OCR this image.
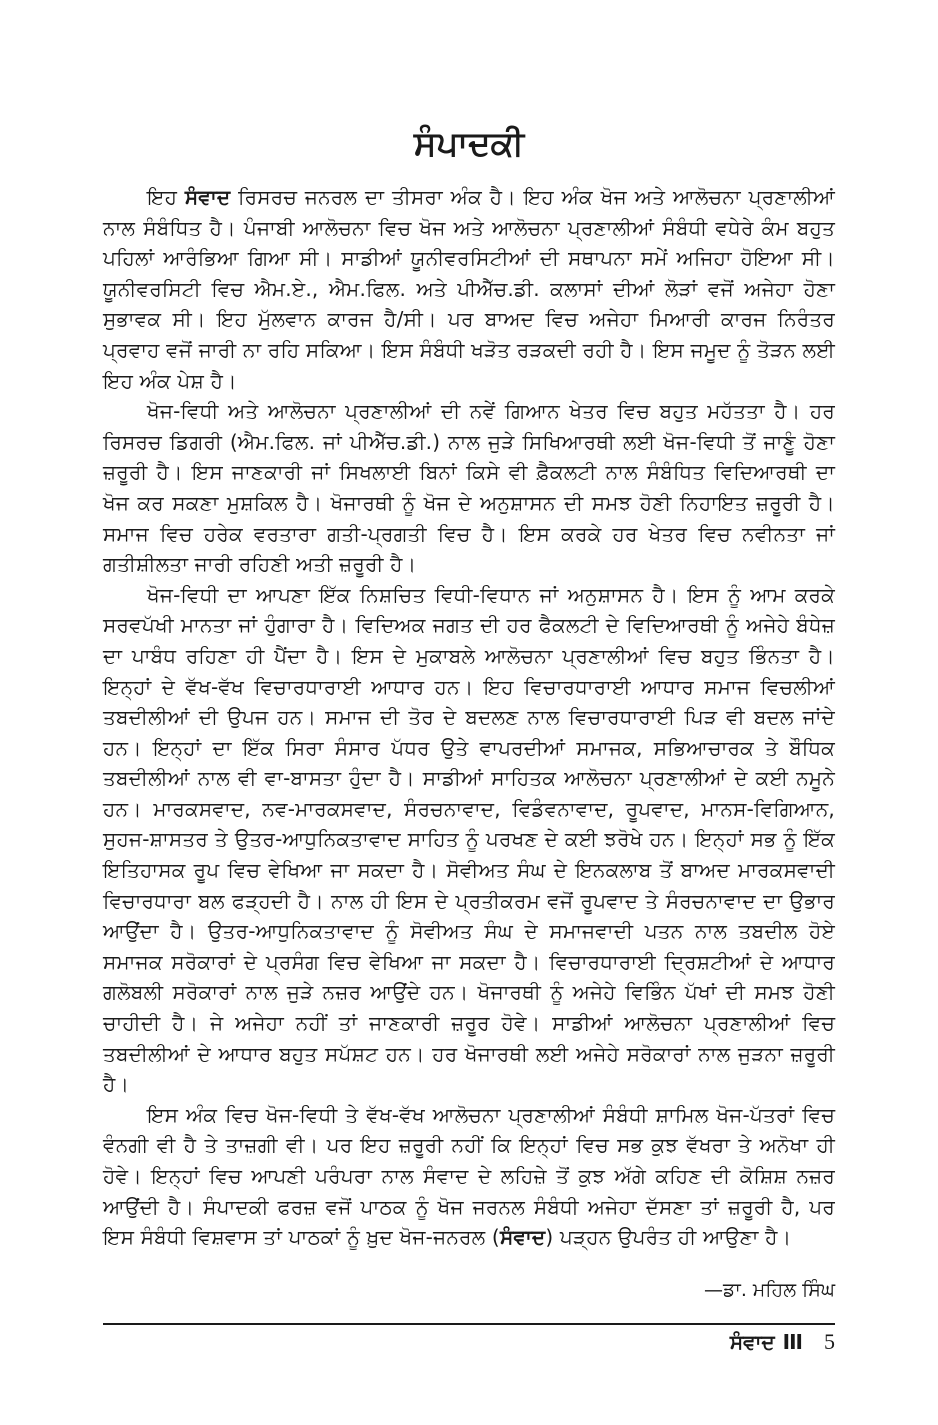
ਸੰਪਾਦਕੀ

ਇਹ ਸੰਵਾਦ ਰਿਸਰਚ ਜਨਰਲ ਦਾ ਤੀਸਰਾ ਅੰਕ ਹੈ। ਇਹ ਅੰਕ ਖੋਜ ਅਤੇ ਆਲੋਚਨਾ ਪ੍ਰਣਾਲੀਆਂ ਨਾਲ ਸੰਬੰਧਿਤ ਹੈ। ਪੰਜਾਬੀ ਆਲੋਚਨਾ ਵਿਚ ਖੋਜ ਅਤੇ ਆਲੋਚਨਾ ਪ੍ਰਣਾਲੀਆਂ ਸੰਬੰਧੀ ਵਧੇਰੇ ਕੰਮ ਬਹੁਤ ਪਹਿਲਾਂ ਆਰੰਭਿਆ ਗਿਆ ਸੀ। ਸਾਡੀਆਂ ਯੂਨੀਵਰਸਿਟੀਆਂ ਦੀ ਸਥਾਪਨਾ ਸਮੇਂ ਅਜਿਹਾ ਹੋਇਆ ਸੀ। ਯੂਨੀਵਰਸਿਟੀ ਵਿਚ ਐਮ.ਏ., ਐਮ.ਫਿਲ. ਅਤੇ ਪੀਐੱਚ.ਡੀ. ਕਲਾਸਾਂ ਦੀਆਂ ਲੋੜਾਂ ਵਜੋਂ ਅਜੇਹਾ ਹੋਣਾ ਸੁਭਾਵਕ ਸੀ। ਇਹ ਮੁੱਲਵਾਨ ਕਾਰਜ ਹੈ/ਸੀ। ਪਰ ਬਾਅਦ ਵਿਚ ਅਜੇਹਾ ਮਿਆਰੀ ਕਾਰਜ ਨਿਰੰਤਰ ਪ੍ਰਵਾਹ ਵਜੋਂ ਜਾਰੀ ਨਾ ਰਹਿ ਸਕਿਆ। ਇਸ ਸੰਬੰਧੀ ਖੜੋਤ ਰੜਕਦੀ ਰਹੀ ਹੈ। ਇਸ ਜਮੂਦ ਨੂੰ ਤੋੜਨ ਲਈ ਇਹ ਅੰਕ ਪੇਸ਼ ਹੈ।

ਖੋਜ-ਵਿਧੀ ਅਤੇ ਆਲੋਚਨਾ ਪ੍ਰਣਾਲੀਆਂ ਦੀ ਨਵੇਂ ਗਿਆਨ ਖੇਤਰ ਵਿਚ ਬਹੁਤ ਮਹੱਤਤਾ ਹੈ। ਹਰ ਰਿਸਰਚ ਡਿਗਰੀ (ਐਮ.ਫਿਲ. ਜਾਂ ਪੀਐੱਚ.ਡੀ.) ਨਾਲ ਜੁੜੇ ਸਿਖਿਆਰਥੀ ਲਈ ਖੋਜ-ਵਿਧੀ ਤੋਂ ਜਾਣੂੰ ਹੋਣਾ ਜ਼ਰੂਰੀ ਹੈ। ਇਸ ਜਾਣਕਾਰੀ ਜਾਂ ਸਿਖਲਾਈ ਬਿਨਾਂ ਕਿਸੇ ਵੀ ਫ਼ੈਕਲਟੀ ਨਾਲ ਸੰਬੰਧਿਤ ਵਿਦਿਆਰਥੀ ਦਾ ਖੋਜ ਕਰ ਸਕਣਾ ਮੁਸ਼ਕਿਲ ਹੈ। ਖੋਜਾਰਥੀ ਨੂੰ ਖੋਜ ਦੇ ਅਨੁਸ਼ਾਸਨ ਦੀ ਸਮਝ ਹੋਣੀ ਨਿਹਾਇਤ ਜ਼ਰੂਰੀ ਹੈ। ਸਮਾਜ ਵਿਚ ਹਰੇਕ ਵਰਤਾਰਾ ਗਤੀ-ਪ੍ਰਗਤੀ ਵਿਚ ਹੈ। ਇਸ ਕਰਕੇ ਹਰ ਖੇਤਰ ਵਿਚ ਨਵੀਨਤਾ ਜਾਂ ਗਤੀਸ਼ੀਲਤਾ ਜਾਰੀ ਰਹਿਣੀ ਅਤੀ ਜ਼ਰੂਰੀ ਹੈ।

ਖੋਜ-ਵਿਧੀ ਦਾ ਆਪਣਾ ਇੱਕ ਨਿਸ਼ਚਿਤ ਵਿਧੀ-ਵਿਧਾਨ ਜਾਂ ਅਨੁਸ਼ਾਸਨ ਹੈ। ਇਸ ਨੂੰ ਆਮ ਕਰਕੇ ਸਰਵਪੱਖੀ ਮਾਨਤਾ ਜਾਂ ਹੁੰਗਾਰਾ ਹੈ। ਵਿਦਿਅਕ ਜਗਤ ਦੀ ਹਰ ਫੈਕਲਟੀ ਦੇ ਵਿਦਿਆਰਥੀ ਨੂੰ ਅਜੇਹੇ ਬੰਧੇਜ਼ ਦਾ ਪਾਬੰਧ ਰਹਿਣਾ ਹੀ ਪੈਂਦਾ ਹੈ। ਇਸ ਦੇ ਮੁਕਾਬਲੇ ਆਲੋਚਨਾ ਪ੍ਰਣਾਲੀਆਂ ਵਿਚ ਬਹੁਤ ਭਿੰਨਤਾ ਹੈ। ਇਨ੍ਹਾਂ ਦੇ ਵੱਖ-ਵੱਖ ਵਿਚਾਰਧਾਰਾਈ ਆਧਾਰ ਹਨ। ਇਹ ਵਿਚਾਰਧਾਰਾਈ ਆਧਾਰ ਸਮਾਜ ਵਿਚਲੀਆਂ ਤਬਦੀਲੀਆਂ ਦੀ ਉਪਜ ਹਨ। ਸਮਾਜ ਦੀ ਤੋਰ ਦੇ ਬਦਲਣ ਨਾਲ ਵਿਚਾਰਧਾਰਾਈ ਪਿੜ ਵੀ ਬਦਲ ਜਾਂਦੇ ਹਨ। ਇਨ੍ਹਾਂ ਦਾ ਇੱਕ ਸਿਰਾ ਸੰਸਾਰ ਪੱਧਰ ਉਤੇ ਵਾਪਰਦੀਆਂ ਸਮਾਜਕ, ਸਭਿਆਚਾਰਕ ਤੇ ਬੌਧਿਕ ਤਬਦੀਲੀਆਂ ਨਾਲ ਵੀ ਵਾ-ਬਾਸਤਾ ਹੁੰਦਾ ਹੈ। ਸਾਡੀਆਂ ਸਾਹਿਤਕ ਆਲੋਚਨਾ ਪ੍ਰਣਾਲੀਆਂ ਦੇ ਕਈ ਨਮੂਨੇ ਹਨ। ਮਾਰਕਸਵਾਦ, ਨਵ-ਮਾਰਕਸਵਾਦ, ਸੰਰਚਨਾਵਾਦ, ਵਿਡੰਵਨਾਵਾਦ, ਰੂਪਵਾਦ, ਮਾਨਸ-ਵਿਗਿਆਨ, ਸੁਹਜ-ਸ਼ਾਸਤਰ ਤੇ ਉਤਰ-ਆਧੁਨਿਕਤਾਵਾਦ ਸਾਹਿਤ ਨੂੰ ਪਰਖਣ ਦੇ ਕਈ ਝਰੋਖੇ ਹਨ। ਇਨ੍ਹਾਂ ਸਭ ਨੂੰ ਇੱਕ ਇਤਿਹਾਸਕ ਰੂਪ ਵਿਚ ਵੇਖਿਆ ਜਾ ਸਕਦਾ ਹੈ। ਸੋਵੀਅਤ ਸੰਘ ਦੇ ਇਨਕਲਾਬ ਤੋਂ ਬਾਅਦ ਮਾਰਕਸਵਾਦੀ ਵਿਚਾਰਧਾਰਾ ਬਲ ਫੜ੍ਹਦੀ ਹੈ। ਨਾਲ ਹੀ ਇਸ ਦੇ ਪ੍ਰਤੀਕਰਮ ਵਜੋਂ ਰੂਪਵਾਦ ਤੇ ਸੰਰਚਨਾਵਾਦ ਦਾ ਉਭਾਰ ਆਉਂਦਾ ਹੈ। ਉਤਰ-ਆਧੁਨਿਕਤਾਵਾਦ ਨੂੰ ਸੋਵੀਅਤ ਸੰਘ ਦੇ ਸਮਾਜਵਾਦੀ ਪਤਨ ਨਾਲ ਤਬਦੀਲ ਹੋਏ ਸਮਾਜਕ ਸਰੋਕਾਰਾਂ ਦੇ ਪ੍ਰਸੰਗ ਵਿਚ ਵੇਖਿਆ ਜਾ ਸਕਦਾ ਹੈ। ਵਿਚਾਰਧਾਰਾਈ ਦ੍ਰਿਸ਼ਟੀਆਂ ਦੇ ਆਧਾਰ ਗਲੋਬਲੀ ਸਰੋਕਾਰਾਂ ਨਾਲ ਜੁੜੇ ਨਜ਼ਰ ਆਉਂਦੇ ਹਨ। ਖੋਜਾਰਥੀ ਨੂੰ ਅਜੇਹੇ ਵਿਭਿੰਨ ਪੱਖਾਂ ਦੀ ਸਮਝ ਹੋਣੀ ਚਾਹੀਦੀ ਹੈ। ਜੇ ਅਜੇਹਾ ਨਹੀਂ ਤਾਂ ਜਾਣਕਾਰੀ ਜ਼ਰੂਰ ਹੋਵੇ। ਸਾਡੀਆਂ ਆਲੋਚਨਾ ਪ੍ਰਣਾਲੀਆਂ ਵਿਚ ਤਬਦੀਲੀਆਂ ਦੇ ਆਧਾਰ ਬਹੁਤ ਸਪੱਸ਼ਟ ਹਨ। ਹਰ ਖੋਜਾਰਥੀ ਲਈ ਅਜੇਹੇ ਸਰੋਕਾਰਾਂ ਨਾਲ ਜੁੜਨਾ ਜ਼ਰੂਰੀ ਹੈ।

ਇਸ ਅੰਕ ਵਿਚ ਖੋਜ-ਵਿਧੀ ਤੇ ਵੱਖ-ਵੱਖ ਆਲੋਚਨਾ ਪ੍ਰਣਾਲੀਆਂ ਸੰਬੰਧੀ ਸ਼ਾਮਿਲ ਖੋਜ-ਪੱਤਰਾਂ ਵਿਚ ਵੰਨਗੀ ਵੀ ਹੈ ਤੇ ਤਾਜ਼ਗੀ ਵੀ। ਪਰ ਇਹ ਜ਼ਰੂਰੀ ਨਹੀਂ ਕਿ ਇਨ੍ਹਾਂ ਵਿਚ ਸਭ ਕੁਝ ਵੱਖਰਾ ਤੇ ਅਨੋਖਾ ਹੀ ਹੋਵੇ। ਇਨ੍ਹਾਂ ਵਿਚ ਆਪਣੀ ਪਰੰਪਰਾ ਨਾਲ ਸੰਵਾਦ ਦੇ ਲਹਿਜ਼ੇ ਤੋਂ ਕੁਝ ਅੱਗੇ ਕਹਿਣ ਦੀ ਕੋਸ਼ਿਸ਼ ਨਜ਼ਰ ਆਉਂਦੀ ਹੈ। ਸੰਪਾਦਕੀ ਫਰਜ਼ ਵਜੋਂ ਪਾਠਕ ਨੂੰ ਖੋਜ ਜਰਨਲ ਸੰਬੰਧੀ ਅਜੇਹਾ ਦੱਸਣਾ ਤਾਂ ਜ਼ਰੂਰੀ ਹੈ, ਪਰ ਇਸ ਸੰਬੰਧੀ ਵਿਸ਼ਵਾਸ ਤਾਂ ਪਾਠਕਾਂ ਨੂੰ ਖ਼ੁਦ ਖੋਜ-ਜਨਰਲ (ਸੰਵਾਦ) ਪੜ੍ਹਨ ਉਪਰੰਤ ਹੀ ਆਉਣਾ ਹੈ।

—ਡਾ. ਮਹਿਲ ਸਿੰਘ
ਸੰਵਾਦ III 5
